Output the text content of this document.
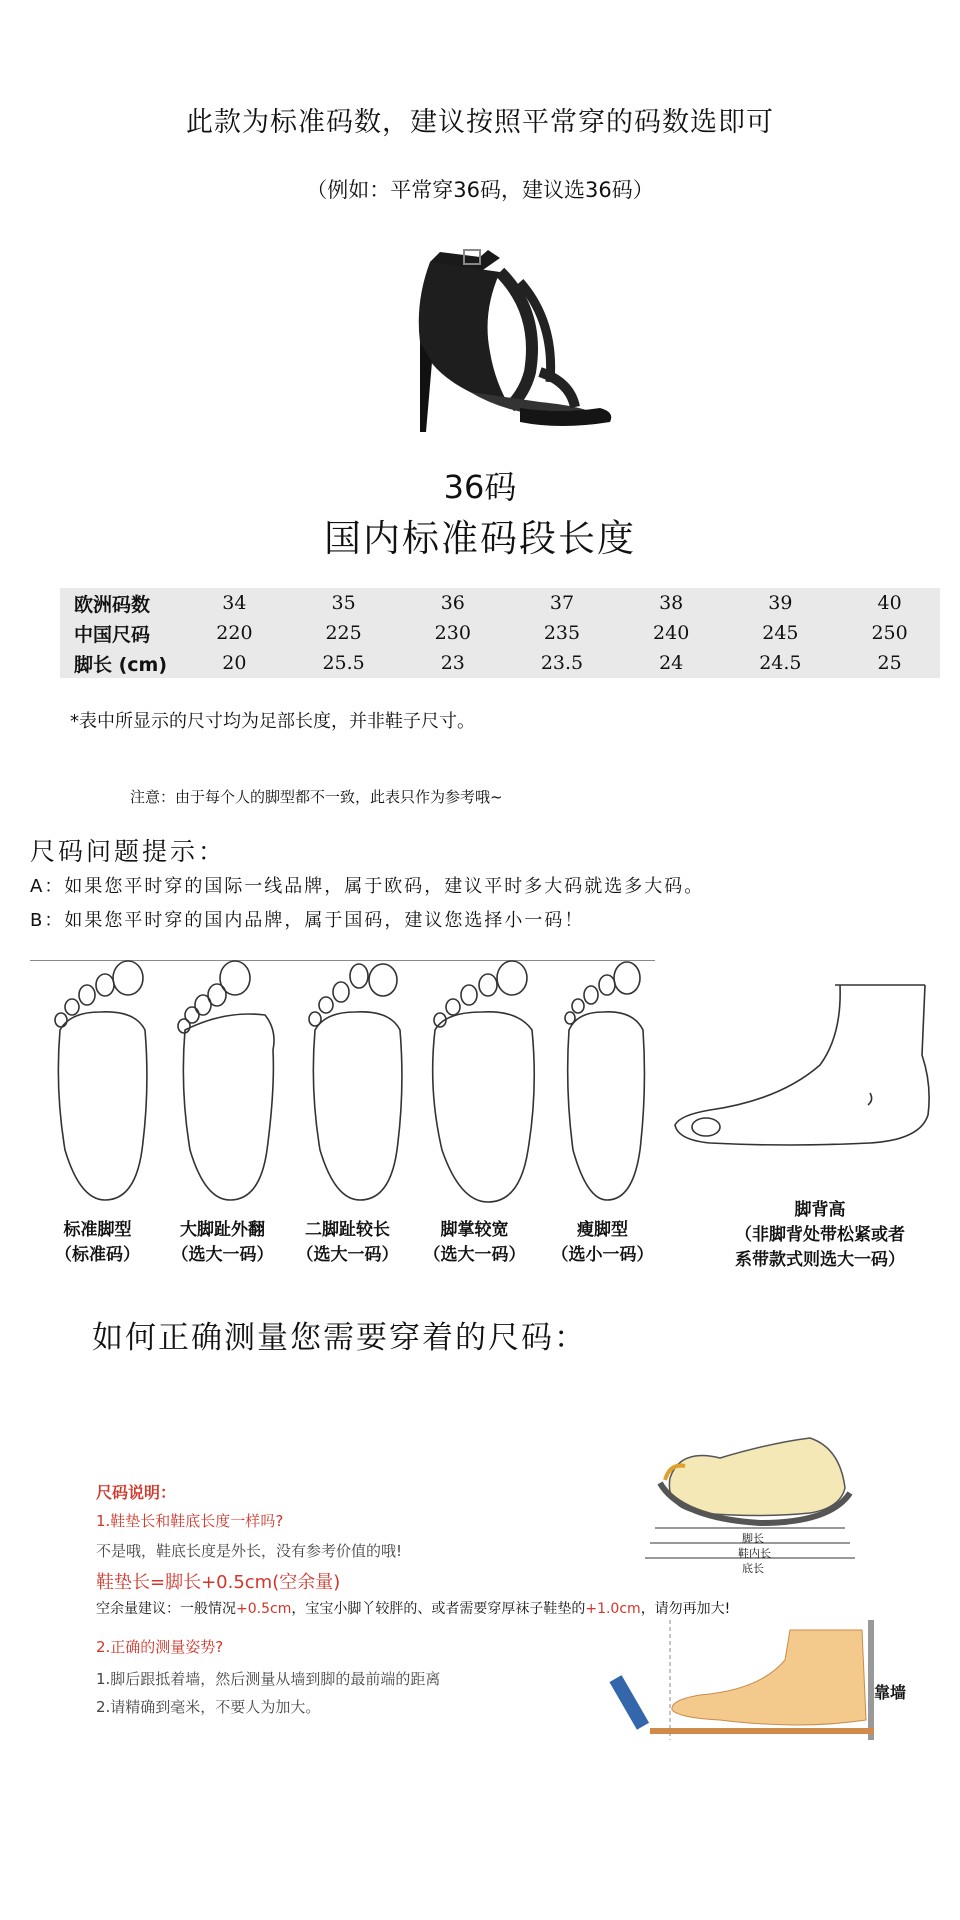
此款为标准码数，建议按照平常穿的码数选即可
（例如：平常穿36码，建议选36码）
36码
国内标准码段长度
欧洲码数	34	35	36	37	38	39	40
中国尺码	220	225	230	235	240	245	250
脚长 (cm)	20	25.5	23	23.5	24	24.5	25
*表中所显示的尺寸均为足部长度，并非鞋子尺寸。
注意：由于每个人的脚型都不一致，此表只作为参考哦~
尺码问题提示：
A：如果您平时穿的国际一线品牌，属于欧码，建议平时多大码就选多大码。
B：如果您平时穿的国内品牌，属于国码，建议您选择小一码！
标准脚型
（标准码）
大脚趾外翻
（选大一码）
二脚趾较长
（选大一码）
脚掌较宽
（选大一码）
瘦脚型
（选小一码）
脚背高
（非脚背处带松紧或者
系带款式则选大一码）
如何正确测量您需要穿着的尺码：
尺码说明：
1.鞋垫长和鞋底长度一样吗?
不是哦，鞋底长度是外长，没有参考价值的哦!
鞋垫长=脚长+0.5cm(空余量)
空余量建议：一般情况+0.5cm，宝宝小脚丫较胖的、或者需要穿厚袜子鞋垫的+1.0cm，请勿再加大!
2.正确的测量姿势?
1.脚后跟抵着墙，然后测量从墙到脚的最前端的距离
2.请精确到毫米，不要人为加大。
脚长
鞋内长
底长
靠墙
